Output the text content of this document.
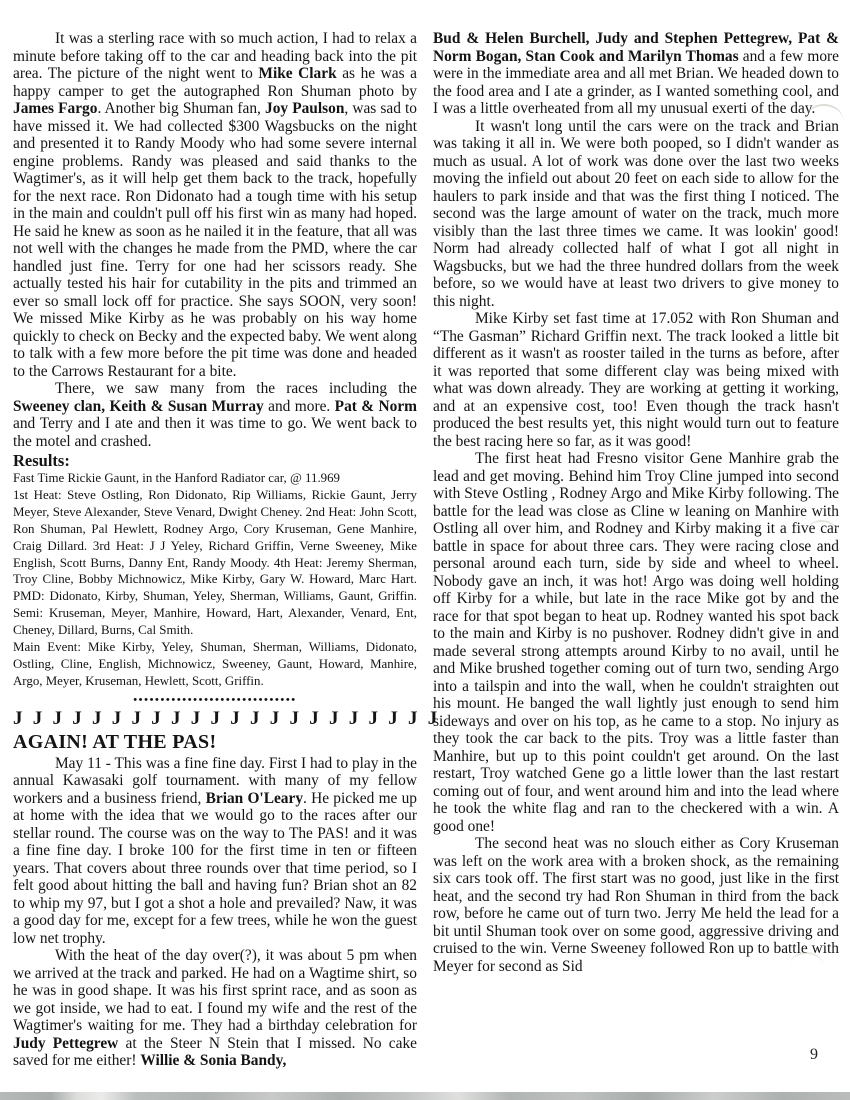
It was a sterling race with so much action, I had to relax a minute before taking off to the car and heading back into the pit area. The picture of the night went to Mike Clark as he was a happy camper to get the autographed Ron Shuman photo by James Fargo. Another big Shuman fan, Joy Paulson, was sad to have missed it. We had collected $300 Wagsbucks on the night and presented it to Randy Moody who had some severe internal engine problems. Randy was pleased and said thanks to the Wagtimer's, as it will help get them back to the track, hopefully for the next race. Ron Didonato had a tough time with his setup in the main and couldn't pull off his first win as many had hoped. He said he knew as soon as he nailed it in the feature, that all was not well with the changes he made from the PMD, where the car handled just fine. Terry for one had her scissors ready. She actually tested his hair for cutability in the pits and trimmed an ever so small lock off for practice. She says SOON, very soon! We missed Mike Kirby as he was probably on his way home quickly to check on Becky and the expected baby. We went along to talk with a few more before the pit time was done and headed to the Carrows Restaurant for a bite.

There, we saw many from the races including the Sweeney clan, Keith & Susan Murray and more. Pat & Norm and Terry and I ate and then it was time to go. We went back to the motel and crashed.

Results:

Fast Time Rickie Gaunt, in the Hanford Radiator car, @ 11.969

1st Heat: Steve Ostling, Ron Didonato, Rip Williams, Rickie Gaunt, Jerry Meyer, Steve Alexander, Steve Venard, Dwight Cheney. 2nd Heat: John Scott, Ron Shuman, Pal Hewlett, Rodney Argo, Cory Kruseman, Gene Manhire, Craig Dillard. 3rd Heat: J J Yeley, Richard Griffin, Verne Sweeney, Mike English, Scott Burns, Danny Ent, Randy Moody. 4th Heat: Jeremy Sherman, Troy Cline, Bobby Michnowicz, Mike Kirby, Gary W. Howard, Marc Hart. PMD: Didonato, Kirby, Shuman, Yeley, Sherman, Williams, Gaunt, Griffin. Semi: Kruseman, Meyer, Manhire, Howard, Hart, Alexander, Venard, Ent, Cheney, Dillard, Burns, Cal Smith.

Main Event: Mike Kirby, Yeley, Shuman, Sherman, Williams, Didonato, Ostling, Cline, English, Michnowicz, Sweeney, Gaunt, Howard, Manhire, Argo, Meyer, Kruseman, Hewlett, Scott, Griffin.

••••••••••••••••••••••••••••••
J J J J J J J J J J J J J J J J J J J J J J
AGAIN! AT THE PAS!

May 11 - This was a fine fine day. First I had to play in the annual Kawasaki golf tournament. with many of my fellow workers and a business friend, Brian O'Leary. He picked me up at home with the idea that we would go to the races after our stellar round. The course was on the way to The PAS! and it was a fine fine day. I broke 100 for the first time in ten or fifteen years. That covers about three rounds over that time period, so I felt good about hitting the ball and having fun? Brian shot an 82 to whip my 97, but I got a shot a hole and prevailed? Naw, it was a good day for me, except for a few trees, while he won the guest low net trophy.

With the heat of the day over(?), it was about 5 pm when we arrived at the track and parked. He had on a Wagtime shirt, so he was in good shape. It was his first sprint race, and as soon as we got inside, we had to eat. I found my wife and the rest of the Wagtimer's waiting for me. They had a birthday celebration for Judy Pettegrew at the Steer N Stein that I missed. No cake saved for me either! Willie & Sonia Bandy,

Bud & Helen Burchell, Judy and Stephen Pettegrew, Pat & Norm Bogan, Stan Cook and Marilyn Thomas and a few more were in the immediate area and all met Brian. We headed down to the food area and I ate a grinder, as I wanted something cool, and I was a little overheated from all my unusual exerti of the day.

It wasn't long until the cars were on the track and Brian was taking it all in. We were both pooped, so I didn't wander as much as usual. A lot of work was done over the last two weeks moving the infield out about 20 feet on each side to allow for the haulers to park inside and that was the first thing I noticed. The second was the large amount of water on the track, much more visibly than the last three times we came. It was lookin' good! Norm had already collected half of what I got all night in Wagsbucks, but we had the three hundred dollars from the week before, so we would have at least two drivers to give money to this night.

Mike Kirby set fast time at 17.052 with Ron Shuman and “The Gasman” Richard Griffin next. The track looked a little bit different as it wasn't as rooster tailed in the turns as before, after it was reported that some different clay was being mixed with what was down already. They are working at getting it working, and at an expensive cost, too! Even though the track hasn't produced the best results yet, this night would turn out to feature the best racing here so far, as it was good!

The first heat had Fresno visitor Gene Manhire grab the lead and get moving. Behind him Troy Cline jumped into second with Steve Ostling , Rodney Argo and Mike Kirby following. The battle for the lead was close as Cline w leaning on Manhire with Ostling all over him, and Rodney and Kirby making it a five car battle in space for about three cars. They were racing close and personal around each turn, side by side and wheel to wheel. Nobody gave an inch, it was hot! Argo was doing well holding off Kirby for a while, but late in the race Mike got by and the race for that spot began to heat up. Rodney wanted his spot back to the main and Kirby is no pushover. Rodney didn't give in and made several strong attempts around Kirby to no avail, until he and Mike brushed together coming out of turn two, sending Argo into a tailspin and into the wall, when he couldn't straighten out his mount. He banged the wall lightly just enough to send him sideways and over on his top, as he came to a stop. No injury as they took the car back to the pits. Troy was a little faster than Manhire, but up to this point couldn't get around. On the last restart, Troy watched Gene go a little lower than the last restart coming out of four, and went around him and into the lead where he took the white flag and ran to the checkered with a win. A good one!

The second heat was no slouch either as Cory Kruseman was left on the work area with a broken shock, as the remaining six cars took off. The first start was no good, just like in the first heat, and the second try had Ron Shuman in third from the back row, before he came out of turn two. Jerry Me held the lead for a bit until Shuman took over on some good, aggressive driving and cruised to the win. Verne Sweeney followed Ron up to battle with Meyer for second as Sid

9
